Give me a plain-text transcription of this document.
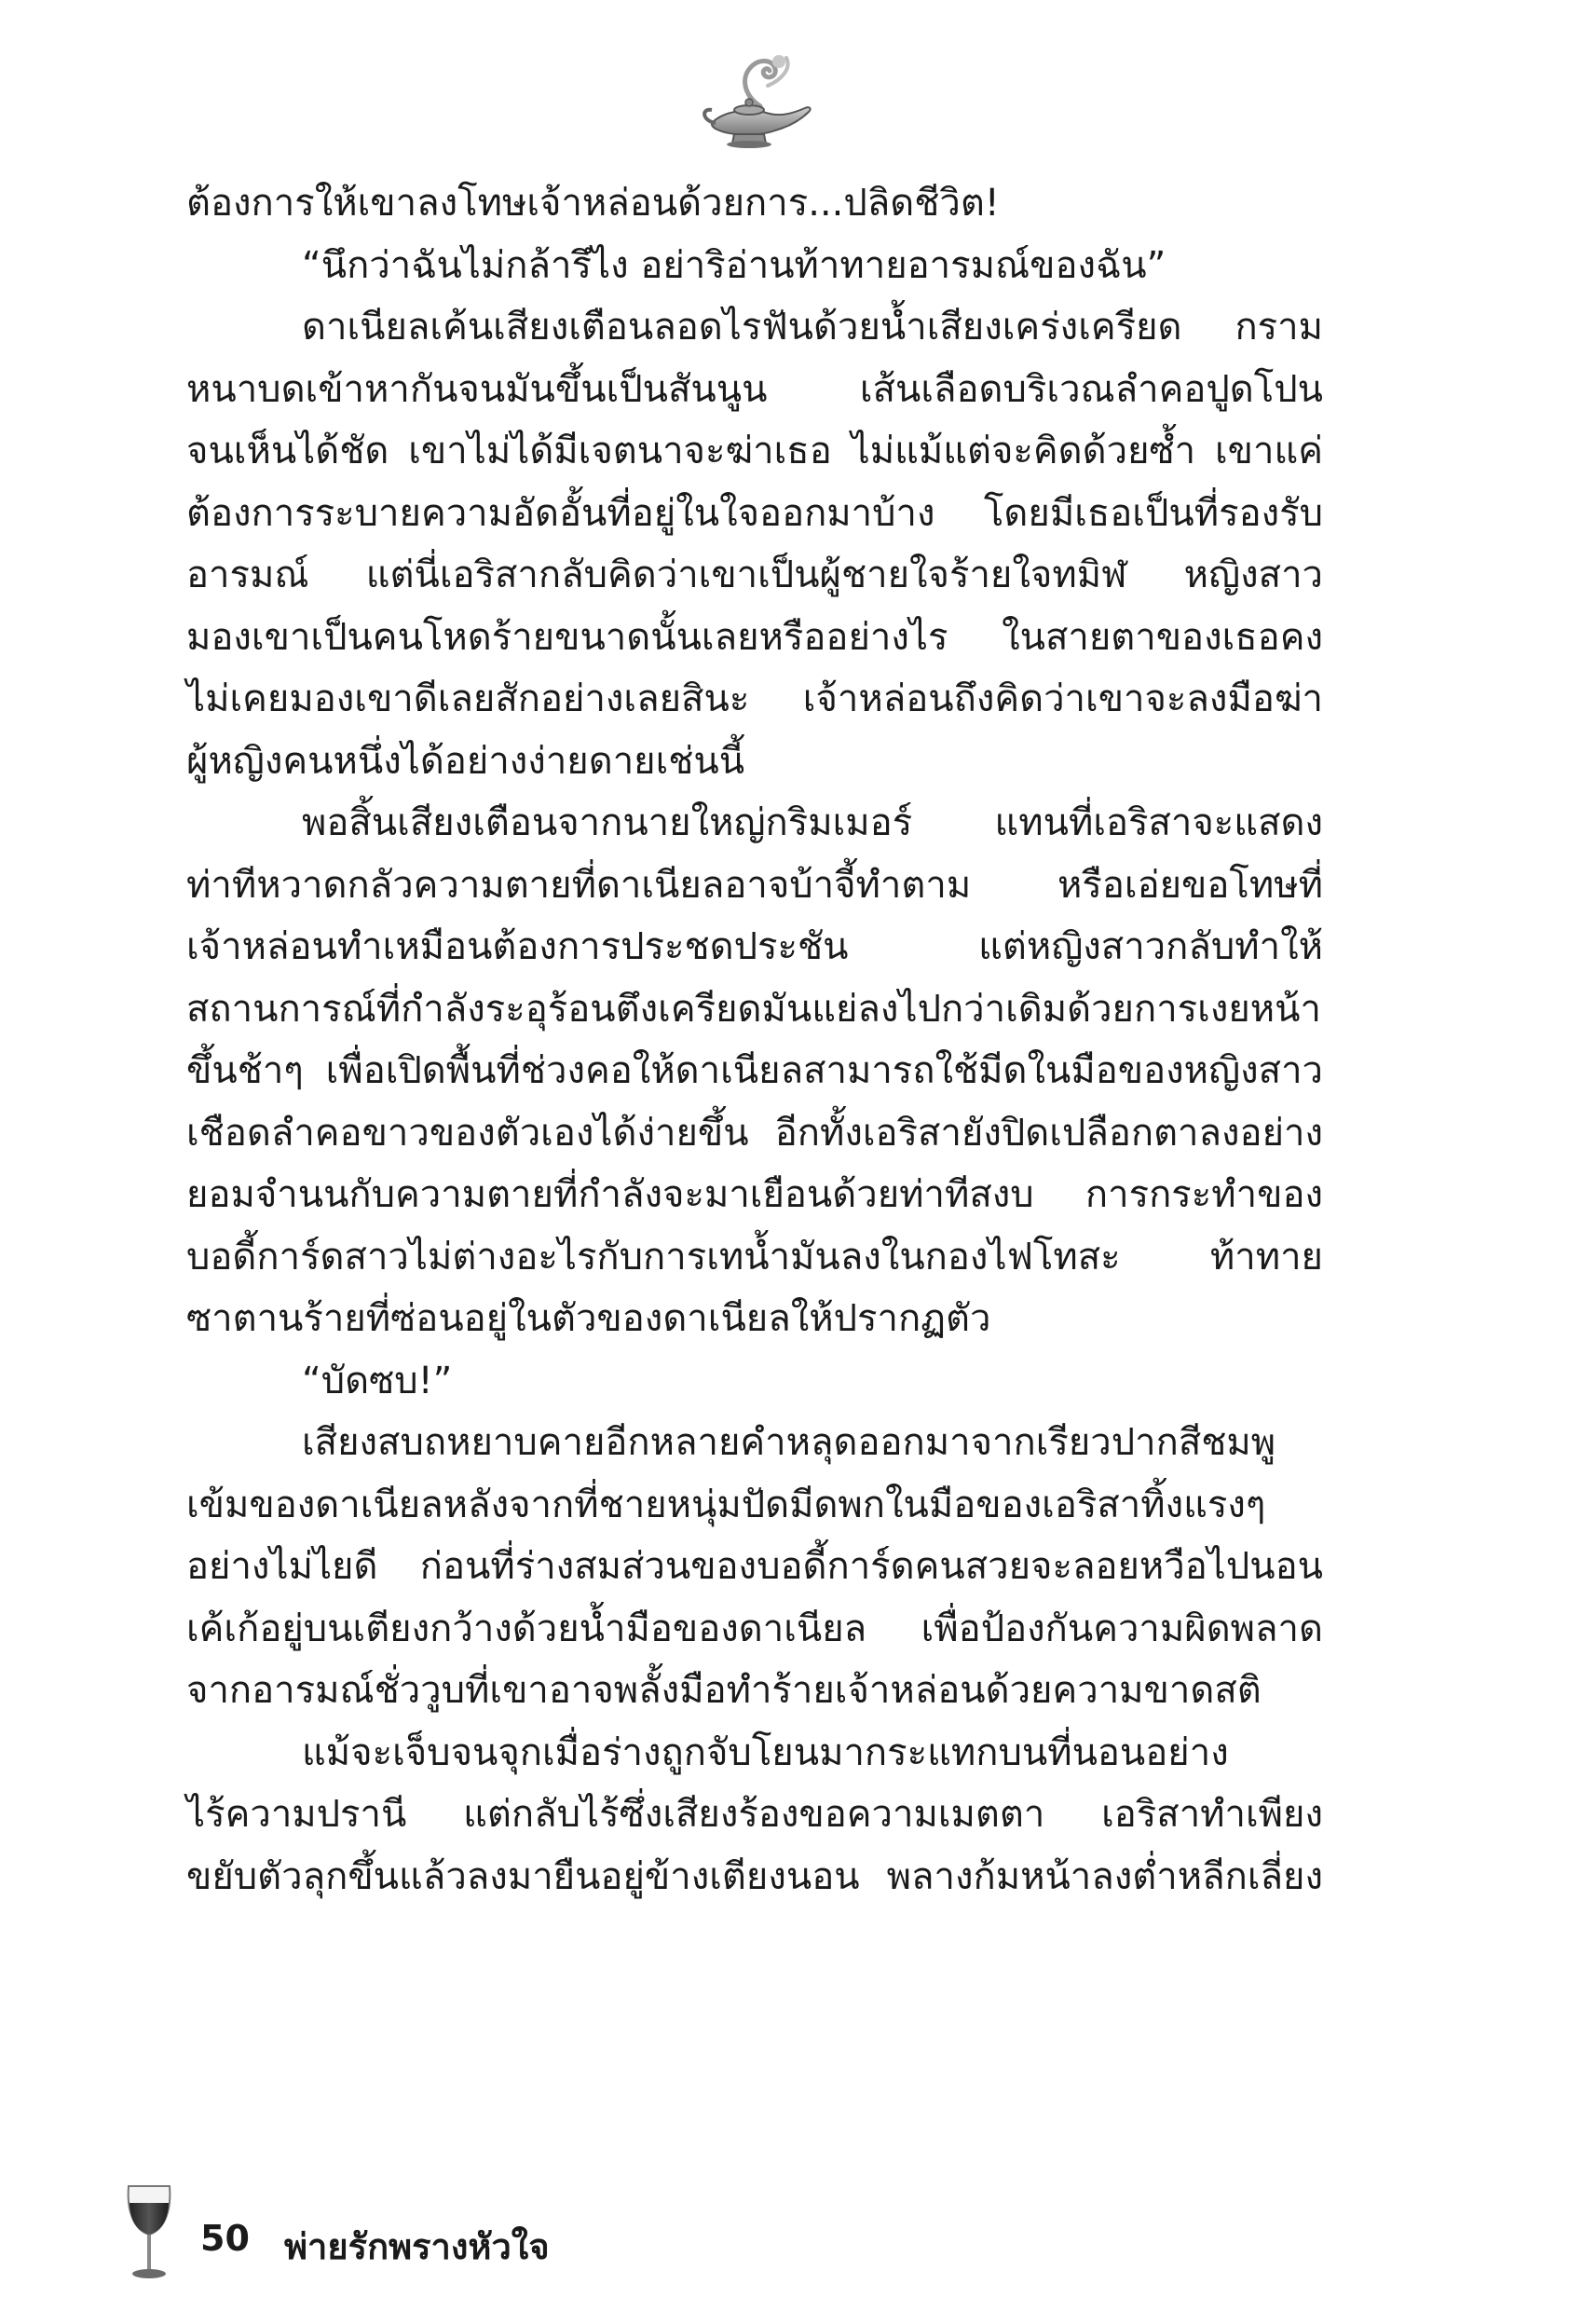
ต้องการให้เขาลงโทษเจ้าหล่อนด้วยการ...ปลิดชีวิต!
“นึกว่าฉันไม่กล้ารึไง อย่าริอ่านท้าทายอารมณ์ของฉัน”
ดาเนียลเค้นเสียงเตือนลอดไรฟันด้วยน้ำเสียงเคร่งเครียด กราม
หนาบดเข้าหากันจนมันขึ้นเป็นสันนูน เส้นเลือดบริเวณลำคอปูดโปน
จนเห็นได้ชัด เขาไม่ได้มีเจตนาจะฆ่าเธอ ไม่แม้แต่จะคิดด้วยซ้ำ เขาแค่
ต้องการระบายความอัดอั้นที่อยู่ในใจออกมาบ้าง โดยมีเธอเป็นที่รองรับ
อารมณ์ แต่นี่เอริสากลับคิดว่าเขาเป็นผู้ชายใจร้ายใจทมิฬ หญิงสาว
มองเขาเป็นคนโหดร้ายขนาดนั้นเลยหรืออย่างไร ในสายตาของเธอคง
ไม่เคยมองเขาดีเลยสักอย่างเลยสินะ เจ้าหล่อนถึงคิดว่าเขาจะลงมือฆ่า
ผู้หญิงคนหนึ่งได้อย่างง่ายดายเช่นนี้
พอสิ้นเสียงเตือนจากนายใหญ่กริมเมอร์ แทนที่เอริสาจะแสดง
ท่าทีหวาดกลัวความตายที่ดาเนียลอาจบ้าจี้ทำตาม หรือเอ่ยขอโทษที่
เจ้าหล่อนทำเหมือนต้องการประชดประชัน แต่หญิงสาวกลับทำให้
สถานการณ์ที่กำลังระอุร้อนตึงเครียดมันแย่ลงไปกว่าเดิมด้วยการเงยหน้า
ขึ้นช้าๆ เพื่อเปิดพื้นที่ช่วงคอให้ดาเนียลสามารถใช้มีดในมือของหญิงสาว
เชือดลำคอขาวของตัวเองได้ง่ายขึ้น อีกทั้งเอริสายังปิดเปลือกตาลงอย่าง
ยอมจำนนกับความตายที่กำลังจะมาเยือนด้วยท่าทีสงบ การกระทำของ
บอดี้การ์ดสาวไม่ต่างอะไรกับการเทน้ำมันลงในกองไฟโทสะ ท้าทาย
ซาตานร้ายที่ซ่อนอยู่ในตัวของดาเนียลให้ปรากฏตัว
“บัดซบ!”
เสียงสบถหยาบคายอีกหลายคำหลุดออกมาจากเรียวปากสีชมพู
เข้มของดาเนียลหลังจากที่ชายหนุ่มปัดมีดพกในมือของเอริสาทิ้งแรงๆ
อย่างไม่ไยดี ก่อนที่ร่างสมส่วนของบอดี้การ์ดคนสวยจะลอยหวือไปนอน
เค้เก้อยู่บนเตียงกว้างด้วยน้ำมือของดาเนียล เพื่อป้องกันความผิดพลาด
จากอารมณ์ชั่ววูบที่เขาอาจพลั้งมือทำร้ายเจ้าหล่อนด้วยความขาดสติ
แม้จะเจ็บจนจุกเมื่อร่างถูกจับโยนมากระแทกบนที่นอนอย่าง
ไร้ความปรานี แต่กลับไร้ซึ่งเสียงร้องขอความเมตตา เอริสาทำเพียง
ขยับตัวลุกขึ้นแล้วลงมายืนอยู่ข้างเตียงนอน พลางก้มหน้าลงต่ำหลีกเลี่ยง
50 พ่ายรักพรางหัวใจ
